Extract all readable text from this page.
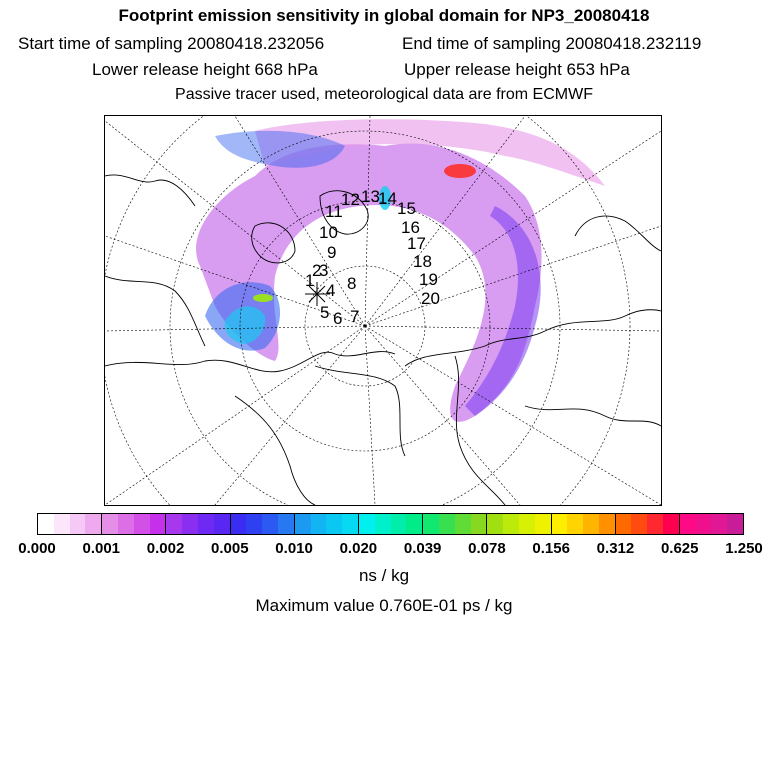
Footprint emission sensitivity in global domain for NP3_20080418
Start time of sampling 20080418.232056	End time of sampling 20080418.232119
Lower release height 668 hPa	Upper release height 653 hPa
Passive tracer used, meteorological data are from ECMWF
1
2
3
4
5 6 7
8
9
10
11
12 13
14
15
16
17
18
19
20
0.000 0.001 0.002 0.005 0.010 0.020 0.039 0.078 0.156 0.312 0.625 1.250
ns / kg
Maximum value 0.760E-01 ps / kg
